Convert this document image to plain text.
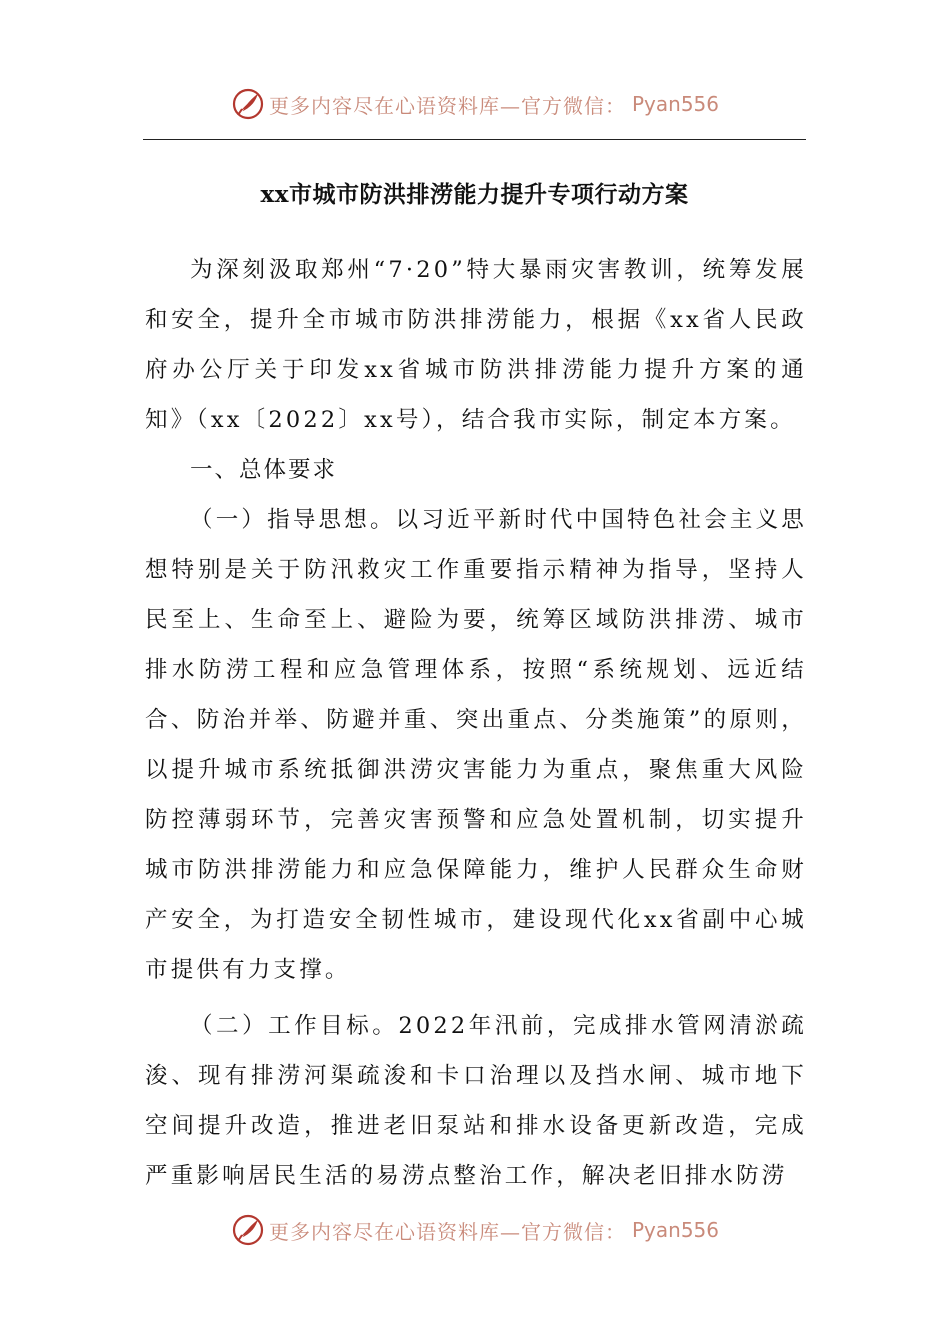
更多内容尽在心语资料库—官方微信： Pyan556
xx市城市防洪排涝能力提升专项行动方案

为深刻汲取郑州“7·20”特大暴雨灾害教训，统筹发展和安全，提升全市城市防洪排涝能力，根据《xx省人民政府办公厅关于印发xx省城市防洪排涝能力提升方案的通知》（xx〔2022〕xx号），结合我市实际，制定本方案。

一、总体要求

（一）指导思想。以习近平新时代中国特色社会主义思想特别是关于防汛救灾工作重要指示精神为指导，坚持人民至上、生命至上、避险为要，统筹区域防洪排涝、城市排水防涝工程和应急管理体系，按照“系统规划、远近结合、防治并举、防避并重、突出重点、分类施策”的原则，以提升城市系统抵御洪涝灾害能力为重点，聚焦重大风险防控薄弱环节，完善灾害预警和应急处置机制，切实提升城市防洪排涝能力和应急保障能力，维护人民群众生命财产安全，为打造安全韧性城市，建设现代化xx省副中心城市提供有力支撑。

（二）工作目标。2022年汛前，完成排水管网清淤疏浚、现有排涝河渠疏浚和卡口治理以及挡水闸、城市地下空间提升改造，推进老旧泵站和排水设备更新改造，完成严重影响居民生活的易涝点整治工作，解决老旧排水防涝

更多内容尽在心语资料库—官方微信： Pyan556
